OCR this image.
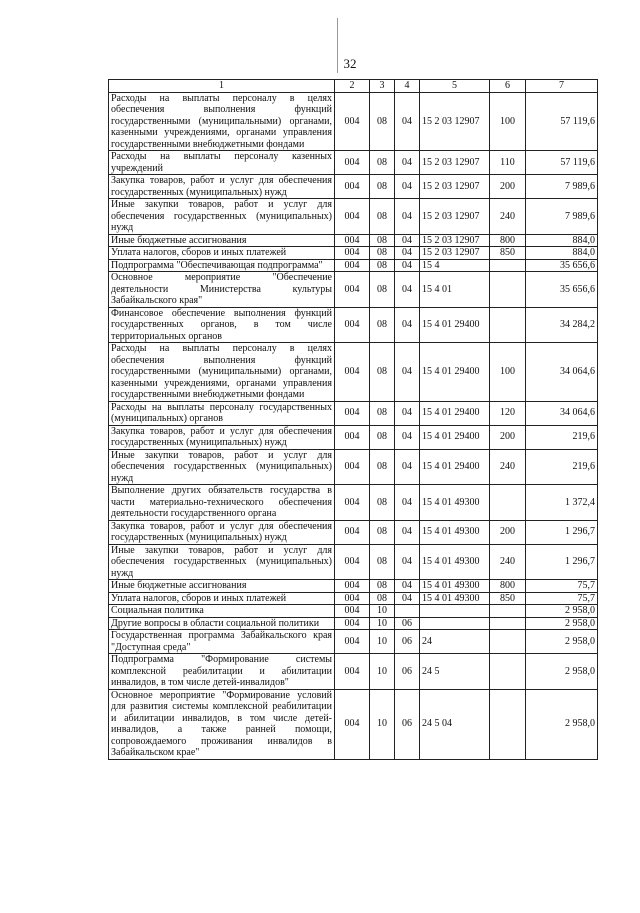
32
1	2	3	4	5	6	7
Расходы на выплаты персоналу в целях обеспечения выполнения функций государственными (муниципальными) органами, казенными учреждениями, органами управления государственными внебюджетными фондами	004	08	04	15 2 03 12907	100	57 119,6
Расходы на выплаты персоналу казенных учреждений	004	08	04	15 2 03 12907	110	57 119,6
Закупка товаров, работ и услуг для обеспечения государственных (муниципальных) нужд	004	08	04	15 2 03 12907	200	7 989,6
Иные закупки товаров, работ и услуг для обеспечения государственных (муниципальных) нужд	004	08	04	15 2 03 12907	240	7 989,6
Иные бюджетные ассигнования	004	08	04	15 2 03 12907	800	884,0
Уплата налогов, сборов и иных платежей	004	08	04	15 2 03 12907	850	884,0
Подпрограмма "Обеспечивающая подпрограмма"	004	08	04	15 4		35 656,6
Основное мероприятие "Обеспечение деятельности Министерства культуры Забайкальского края"	004	08	04	15 4 01		35 656,6
Финансовое обеспечение выполнения функций государственных органов, в том числе территориальных органов	004	08	04	15 4 01 29400		34 284,2
Расходы на выплаты персоналу в целях обеспечения выполнения функций государственными (муниципальными) органами, казенными учреждениями, органами управления государственными внебюджетными фондами	004	08	04	15 4 01 29400	100	34 064,6
Расходы на выплаты персоналу государственных (муниципальных) органов	004	08	04	15 4 01 29400	120	34 064,6
Закупка товаров, работ и услуг для обеспечения государственных (муниципальных) нужд	004	08	04	15 4 01 29400	200	219,6
Иные закупки товаров, работ и услуг для обеспечения государственных (муниципальных) нужд	004	08	04	15 4 01 29400	240	219,6
Выполнение других обязательств государства в части материально-технического обеспечения деятельности государственного органа	004	08	04	15 4 01 49300		1 372,4
Закупка товаров, работ и услуг для обеспечения государственных (муниципальных) нужд	004	08	04	15 4 01 49300	200	1 296,7
Иные закупки товаров, работ и услуг для обеспечения государственных (муниципальных) нужд	004	08	04	15 4 01 49300	240	1 296,7
Иные бюджетные ассигнования	004	08	04	15 4 01 49300	800	75,7
Уплата налогов, сборов и иных платежей	004	08	04	15 4 01 49300	850	75,7
Социальная политика	004	10				2 958,0
Другие вопросы в области социальной политики	004	10	06			2 958,0
Государственная программа Забайкальского края "Доступная среда"	004	10	06	24		2 958,0
Подпрограмма "Формирование системы комплексной реабилитации и абилитации инвалидов, в том числе детей-инвалидов"	004	10	06	24 5		2 958,0
Основное мероприятие "Формирование условий для развития системы комплексной реабилитации и абилитации инвалидов, в том числе детей-инвалидов, а также ранней помощи, сопровождаемого проживания инвалидов в Забайкальском крае"	004	10	06	24 5 04		2 958,0
